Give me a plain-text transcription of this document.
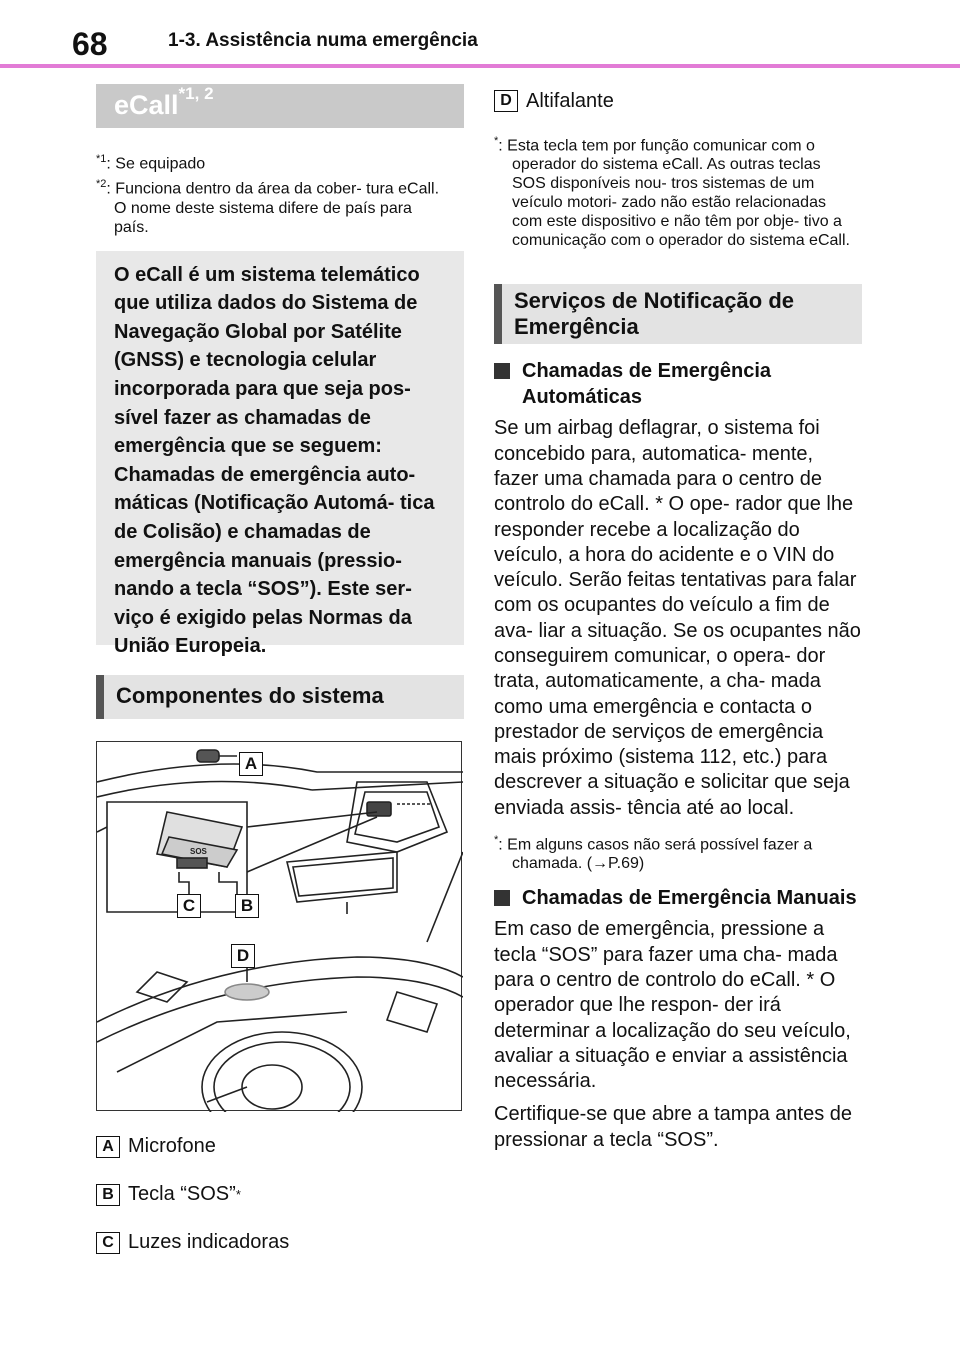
68	1-3. Assistência numa emergência
eCall$^{*1, 2}$
$^{*1}$: Se equipado
$^{*2}$: Funciona dentro da área da cober- tura eCall. O nome deste sistema difere de país para país.
O eCall é um sistema telemático que utiliza dados do Sistema de Navegação Global por Satélite (GNSS) e tecnologia celular incorporada para que seja pos- sível fazer as chamadas de emergência que se seguem: Chamadas de emergência auto- máticas (Notificação Automá- tica de Colisão) e chamadas de emergência manuais (pressio- nando a tecla “SOS”). Este ser- viço é exigido pelas Normas da União Europeia.
Componentes do sistema
SOS
A
C	B
D
A Microfone
B Tecla “SOS” *
C Luzes indicadoras
D Altifalante
*: Esta tecla tem por função comunicar com o operador do sistema eCall. As outras teclas SOS disponíveis nou- tros sistemas de um veículo motori- zado não estão relacionadas com este dispositivo e não têm por obje- tivo a comunicação com o operador do sistema eCall.
Serviços de Notificação de Emergência
Chamadas de Emergência Automáticas
Se um airbag deflagrar, o sistema foi concebido para, automatica- mente, fazer uma chamada para o centro de controlo do eCall. * O ope- rador que lhe responder recebe a localização do veículo, a hora do acidente e o VIN do veículo. Serão feitas tentativas para falar com os ocupantes do veículo a fim de ava- liar a situação. Se os ocupantes não conseguirem comunicar, o opera- dor trata, automaticamente, a cha- mada como uma emergência e contacta o prestador de serviços de emergência mais próximo (sistema 112, etc.) para descrever a situação e solicitar que seja enviada assis- tência até ao local.
*: Em alguns casos não será possível fazer a chamada. (→P.69)
Chamadas de Emergência Manuais
Em caso de emergência, pressione a tecla “SOS” para fazer uma cha- mada para o centro de controlo do eCall. * O operador que lhe respon- der irá determinar a localização do seu veículo, avaliar a situação e enviar a assistência necessária.
Certifique-se que abre a tampa antes de pressionar a tecla “SOS”.
